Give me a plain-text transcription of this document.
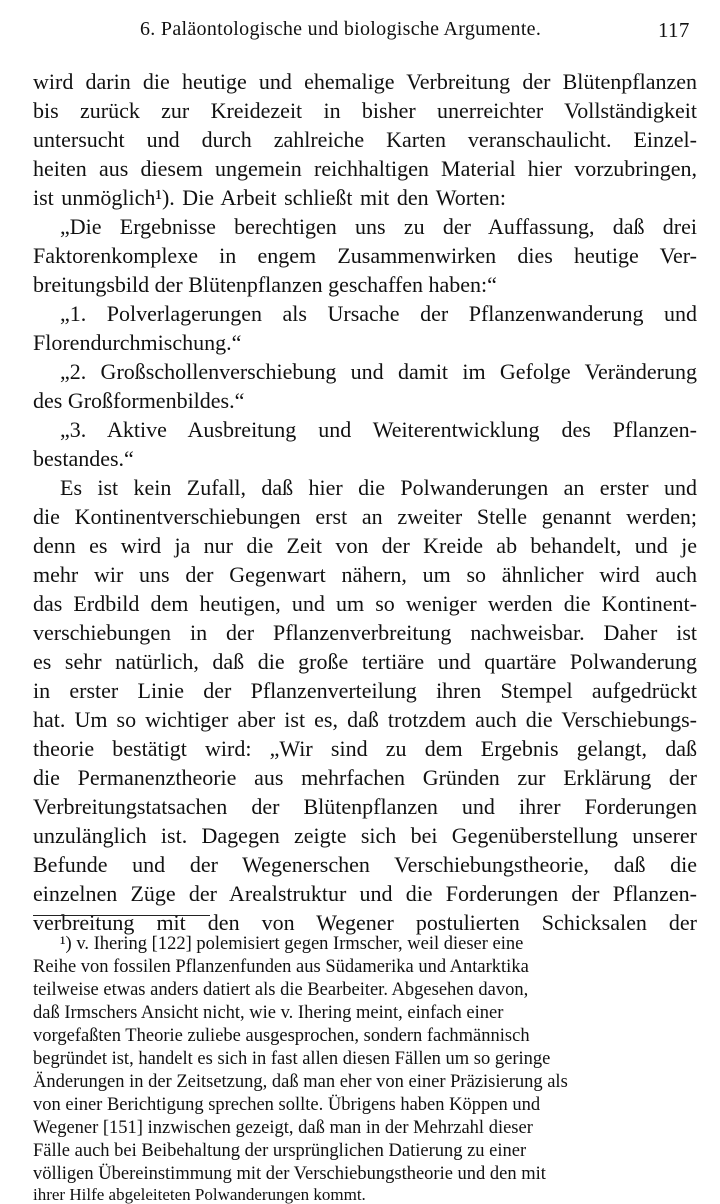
6. Paläontologische und biologische Argumente.	117
wird darin die heutige und ehemalige Verbreitung der Blütenpflanzen
bis zurück zur Kreidezeit in bisher unerreichter Vollständigkeit
untersucht und durch zahlreiche Karten veranschaulicht. Einzel-
heiten aus diesem ungemein reichhaltigen Material hier vorzubringen,
ist unmöglich¹). Die Arbeit schließt mit den Worten:
„Die Ergebnisse berechtigen uns zu der Auffassung, daß drei
Faktorenkomplexe in engem Zusammenwirken dies heutige Ver-
breitungsbild der Blütenpflanzen geschaffen haben:“
„1. Polverlagerungen als Ursache der Pflanzenwanderung und
Florendurchmischung.“
„2. Großschollenverschiebung und damit im Gefolge Veränderung
des Großformenbildes.“
„3. Aktive Ausbreitung und Weiterentwicklung des Pflanzen-
bestandes.“
Es ist kein Zufall, daß hier die Polwanderungen an erster und
die Kontinentverschiebungen erst an zweiter Stelle genannt werden;
denn es wird ja nur die Zeit von der Kreide ab behandelt, und je
mehr wir uns der Gegenwart nähern, um so ähnlicher wird auch
das Erdbild dem heutigen, und um so weniger werden die Kontinent-
verschiebungen in der Pflanzenverbreitung nachweisbar. Daher ist
es sehr natürlich, daß die große tertiäre und quartäre Polwanderung
in erster Linie der Pflanzenverteilung ihren Stempel aufgedrückt
hat. Um so wichtiger aber ist es, daß trotzdem auch die Verschiebungs-
theorie bestätigt wird: „Wir sind zu dem Ergebnis gelangt, daß
die Permanenztheorie aus mehrfachen Gründen zur Erklärung der
Verbreitungstatsachen der Blütenpflanzen und ihrer Forderungen
unzulänglich ist. Dagegen zeigte sich bei Gegenüberstellung unserer
Befunde und der Wegenerschen Verschiebungstheorie, daß die
einzelnen Züge der Arealstruktur und die Forderungen der Pflanzen-
verbreitung mit den von Wegener postulierten Schicksalen der
¹) v. Ihering [122] polemisiert gegen Irmscher, weil dieser eine
Reihe von fossilen Pflanzenfunden aus Südamerika und Antarktika
teilweise etwas anders datiert als die Bearbeiter. Abgesehen davon,
daß Irmschers Ansicht nicht, wie v. Ihering meint, einfach einer
vorgefaßten Theorie zuliebe ausgesprochen, sondern fachmännisch
begründet ist, handelt es sich in fast allen diesen Fällen um so geringe
Änderungen in der Zeitsetzung, daß man eher von einer Präzisierung als
von einer Berichtigung sprechen sollte. Übrigens haben Köppen und
Wegener [151] inzwischen gezeigt, daß man in der Mehrzahl dieser
Fälle auch bei Beibehaltung der ursprünglichen Datierung zu einer
völligen Übereinstimmung mit der Verschiebungstheorie und den mit
ihrer Hilfe abgeleiteten Polwanderungen kommt.
